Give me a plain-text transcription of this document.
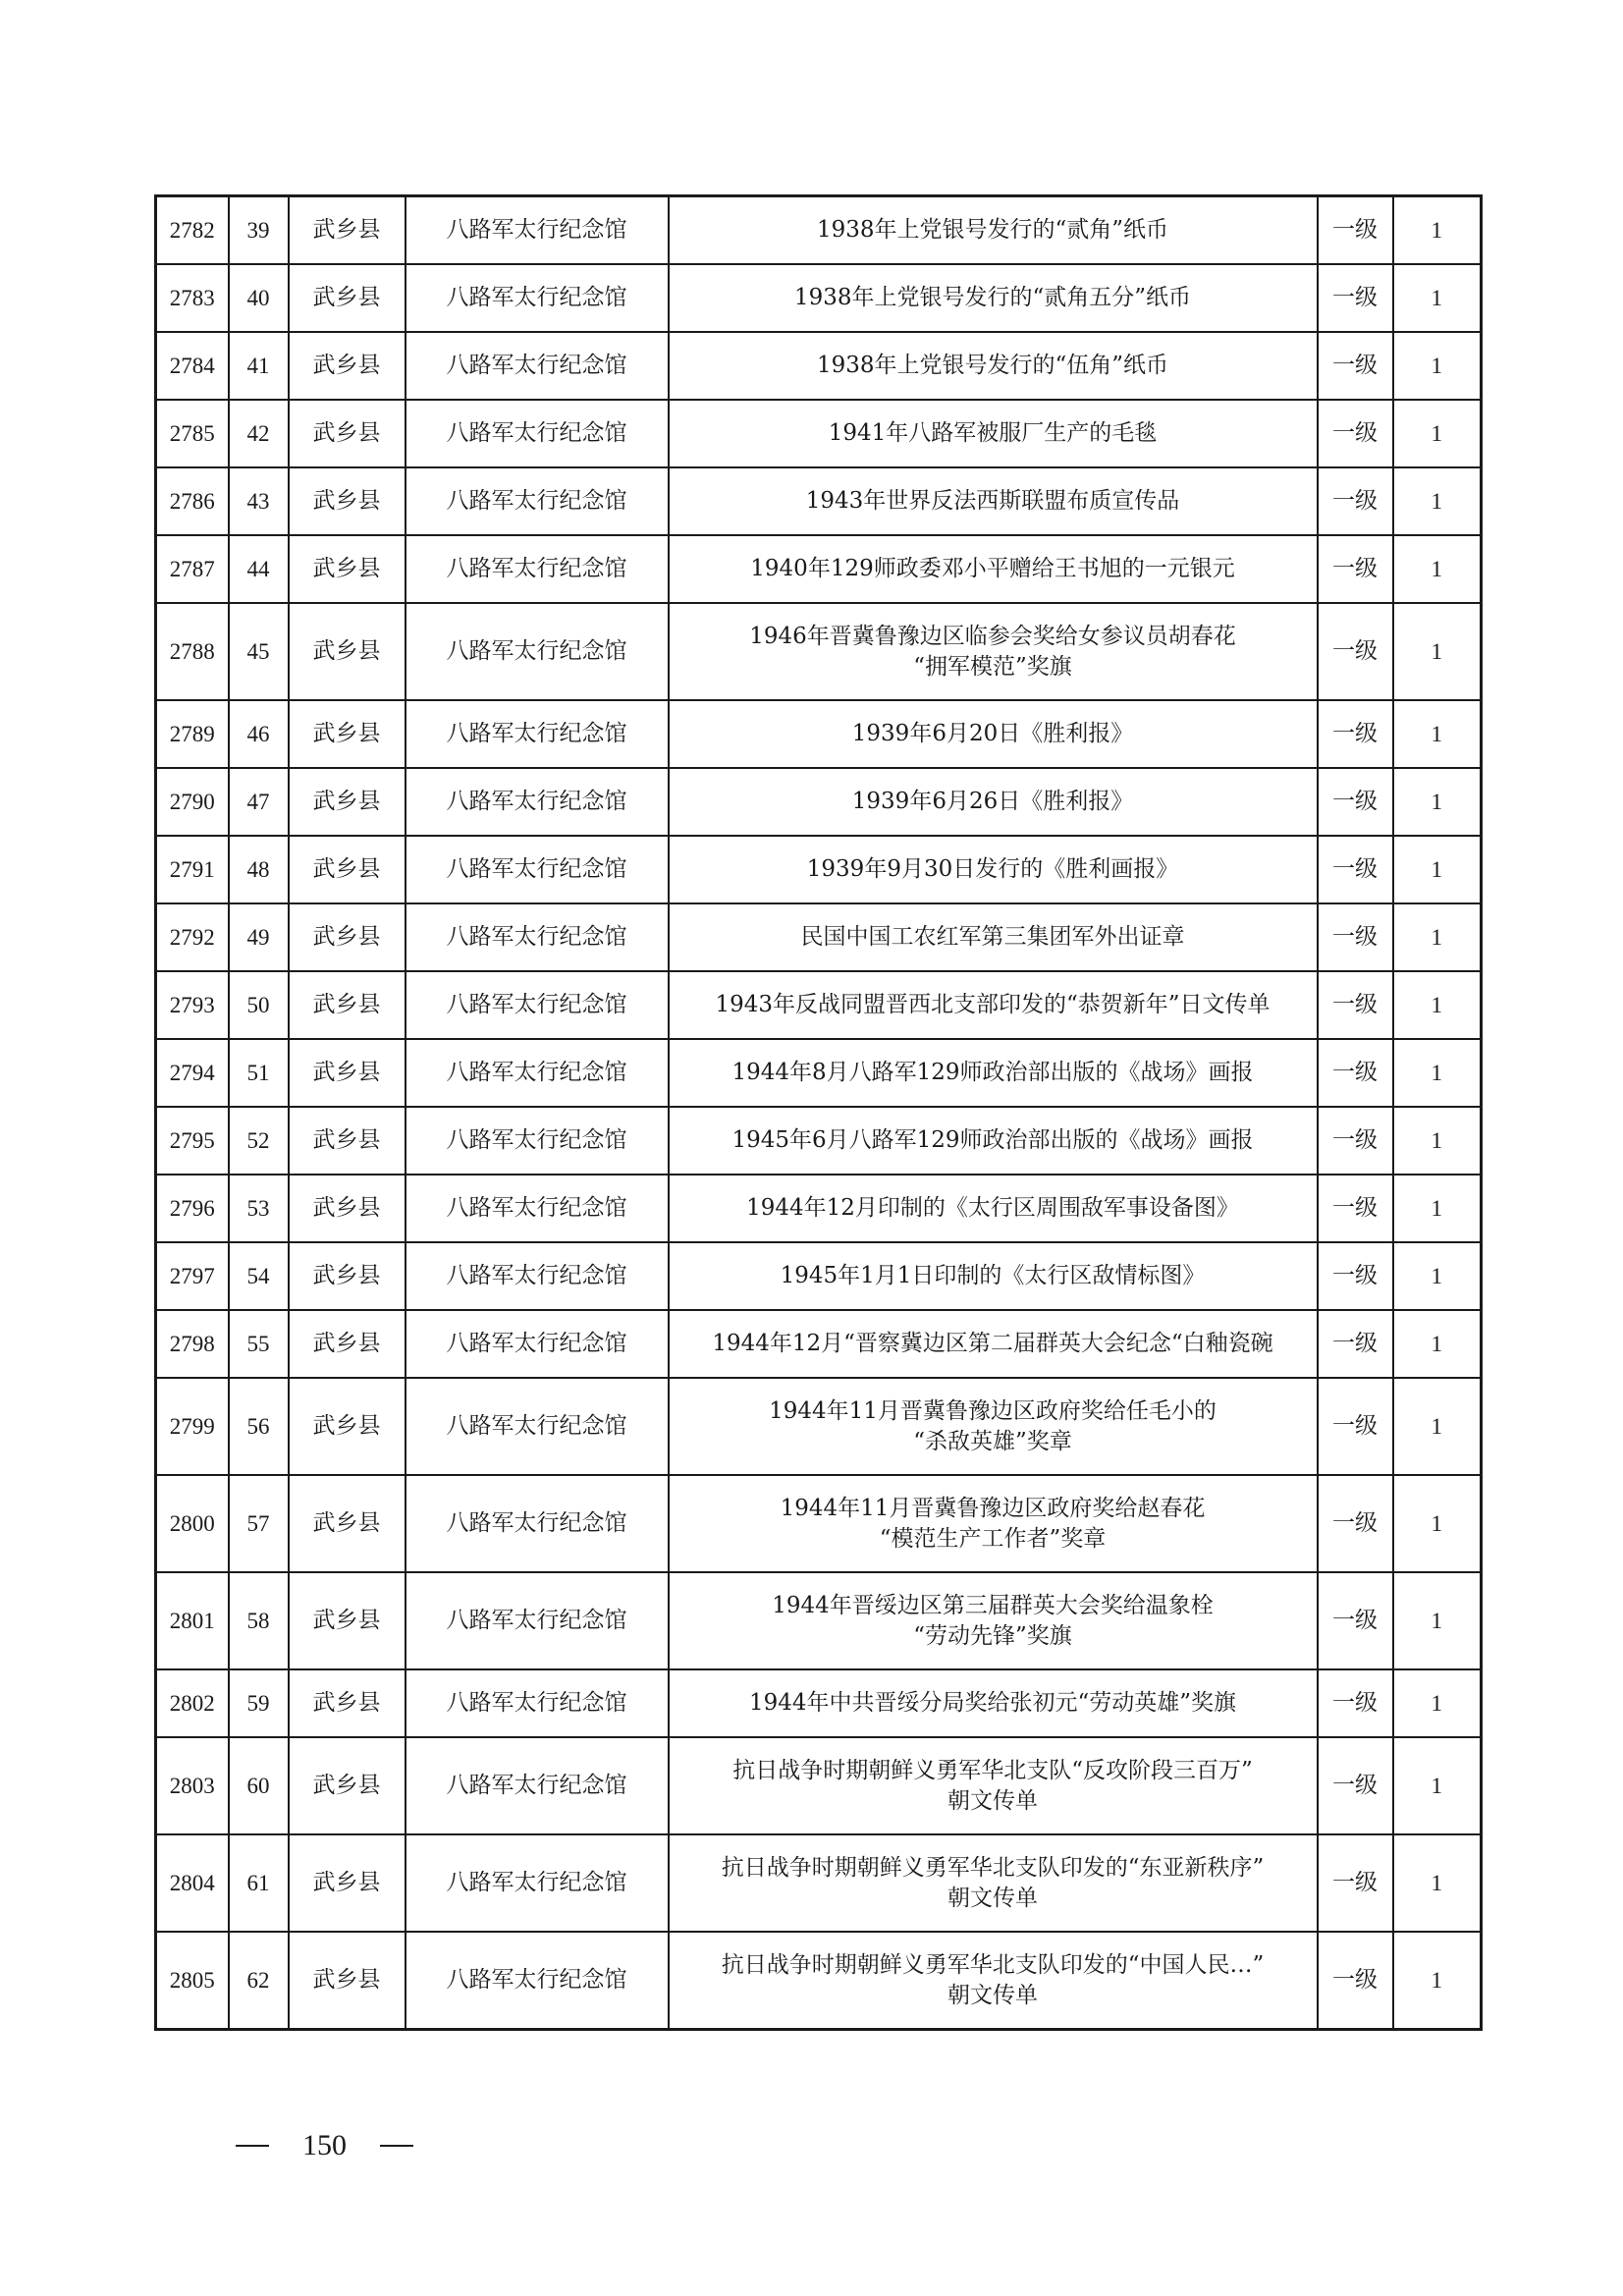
2782	39	武乡县	八路军太行纪念馆	1938年上党银号发行的“贰角”纸币	一级	1
2783	40	武乡县	八路军太行纪念馆	1938年上党银号发行的“贰角五分”纸币	一级	1
2784	41	武乡县	八路军太行纪念馆	1938年上党银号发行的“伍角”纸币	一级	1
2785	42	武乡县	八路军太行纪念馆	1941年八路军被服厂生产的毛毯	一级	1
2786	43	武乡县	八路军太行纪念馆	1943年世界反法西斯联盟布质宣传品	一级	1
2787	44	武乡县	八路军太行纪念馆	1940年129师政委邓小平赠给王书旭的一元银元	一级	1
2788	45	武乡县	八路军太行纪念馆	1946年晋冀鲁豫边区临参会奖给女参议员胡春花
“拥军模范”奖旗	一级	1
2789	46	武乡县	八路军太行纪念馆	1939年6月20日《胜利报》	一级	1
2790	47	武乡县	八路军太行纪念馆	1939年6月26日《胜利报》	一级	1
2791	48	武乡县	八路军太行纪念馆	1939年9月30日发行的《胜利画报》	一级	1
2792	49	武乡县	八路军太行纪念馆	民国中国工农红军第三集团军外出证章	一级	1
2793	50	武乡县	八路军太行纪念馆	1943年反战同盟晋西北支部印发的“恭贺新年”日文传单	一级	1
2794	51	武乡县	八路军太行纪念馆	1944年8月八路军129师政治部出版的《战场》画报	一级	1
2795	52	武乡县	八路军太行纪念馆	1945年6月八路军129师政治部出版的《战场》画报	一级	1
2796	53	武乡县	八路军太行纪念馆	1944年12月印制的《太行区周围敌军事设备图》	一级	1
2797	54	武乡县	八路军太行纪念馆	1945年1月1日印制的《太行区敌情标图》	一级	1
2798	55	武乡县	八路军太行纪念馆	1944年12月“晋察冀边区第二届群英大会纪念“白釉瓷碗	一级	1
2799	56	武乡县	八路军太行纪念馆	1944年11月晋冀鲁豫边区政府奖给任毛小的
“杀敌英雄”奖章	一级	1
2800	57	武乡县	八路军太行纪念馆	1944年11月晋冀鲁豫边区政府奖给赵春花
“模范生产工作者”奖章	一级	1
2801	58	武乡县	八路军太行纪念馆	1944年晋绥边区第三届群英大会奖给温象栓
“劳动先锋”奖旗	一级	1
2802	59	武乡县	八路军太行纪念馆	1944年中共晋绥分局奖给张初元“劳动英雄”奖旗	一级	1
2803	60	武乡县	八路军太行纪念馆	抗日战争时期朝鲜义勇军华北支队“反攻阶段三百万”
朝文传单	一级	1
2804	61	武乡县	八路军太行纪念馆	抗日战争时期朝鲜义勇军华北支队印发的“东亚新秩序”
朝文传单	一级	1
2805	62	武乡县	八路军太行纪念馆	抗日战争时期朝鲜义勇军华北支队印发的“中国人民…”
朝文传单	一级	1
150
